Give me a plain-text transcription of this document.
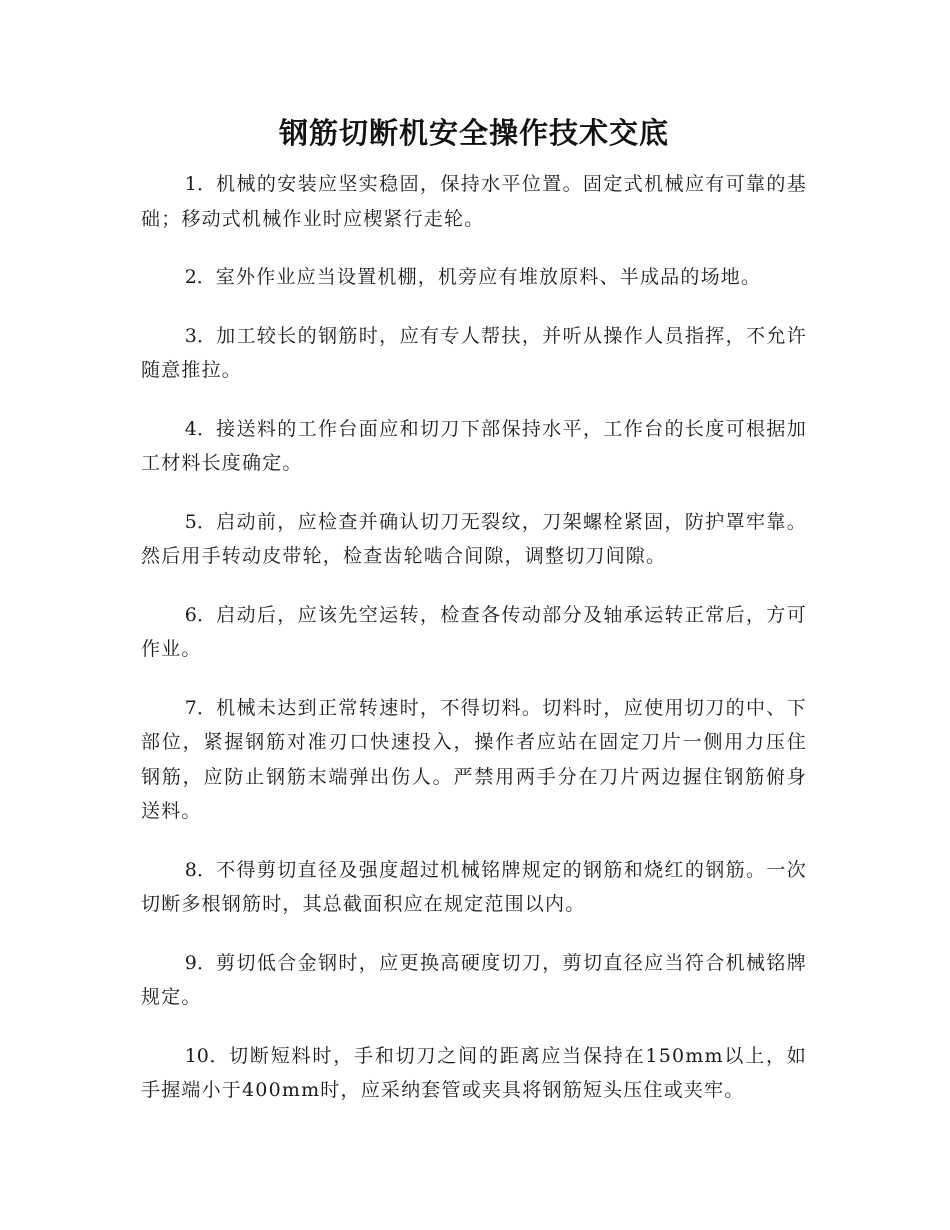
钢筋切断机安全操作技术交底

1．机械的安装应坚实稳固，保持水平位置。固定式机械应有可靠的基础；移动式机械作业时应楔紧行走轮。

2．室外作业应当设置机棚，机旁应有堆放原料、半成品的场地。

3．加工较长的钢筋时，应有专人帮扶，并听从操作人员指挥，不允许随意推拉。

4．接送料的工作台面应和切刀下部保持水平，工作台的长度可根据加工材料长度确定。

5．启动前，应检查并确认切刀无裂纹，刀架螺栓紧固，防护罩牢靠。然后用手转动皮带轮，检查齿轮啮合间隙，调整切刀间隙。

6．启动后，应该先空运转，检查各传动部分及轴承运转正常后，方可作业。

7．机械未达到正常转速时，不得切料。切料时，应使用切刀的中、下部位，紧握钢筋对准刃口快速投入，操作者应站在固定刀片一侧用力压住钢筋，应防止钢筋末端弹出伤人。严禁用两手分在刀片两边握住钢筋俯身送料。

8．不得剪切直径及强度超过机械铭牌规定的钢筋和烧红的钢筋。一次切断多根钢筋时，其总截面积应在规定范围以内。

9．剪切低合金钢时，应更换高硬度切刀，剪切直径应当符合机械铭牌规定。

10．切断短料时，手和切刀之间的距离应当保持在150mm以上，如手握端小于400mm时，应采纳套管或夹具将钢筋短头压住或夹牢。
